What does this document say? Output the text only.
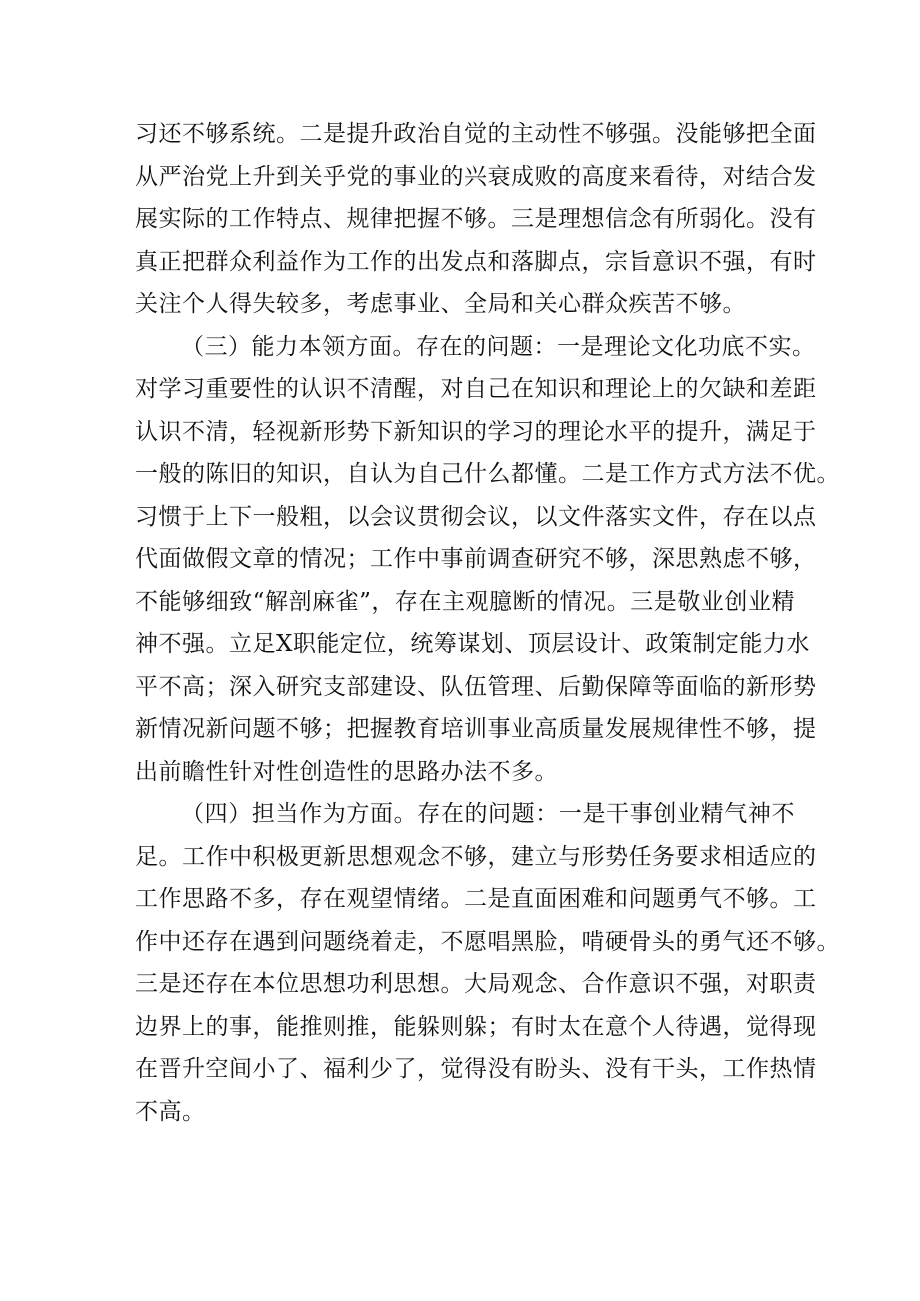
习还不够系统。二是提升政治自觉的主动性不够强。没能够把全面
从严治党上升到关乎党的事业的兴衰成败的高度来看待，对结合发
展实际的工作特点、规律把握不够。三是理想信念有所弱化。没有
真正把群众利益作为工作的出发点和落脚点，宗旨意识不强，有时
关注个人得失较多，考虑事业、全局和关心群众疾苦不够。
（三）能力本领方面。存在的问题：一是理论文化功底不实。
对学习重要性的认识不清醒，对自己在知识和理论上的欠缺和差距
认识不清，轻视新形势下新知识的学习的理论水平的提升，满足于
一般的陈旧的知识，自认为自己什么都懂。二是工作方式方法不优。
习惯于上下一般粗，以会议贯彻会议，以文件落实文件，存在以点
代面做假文章的情况；工作中事前调查研究不够，深思熟虑不够，
不能够细致“解剖麻雀”，存在主观臆断的情况。三是敬业创业精
神不强。立足X职能定位，统筹谋划、顶层设计、政策制定能力水
平不高；深入研究支部建设、队伍管理、后勤保障等面临的新形势
新情况新问题不够；把握教育培训事业高质量发展规律性不够，提
出前瞻性针对性创造性的思路办法不多。
（四）担当作为方面。存在的问题：一是干事创业精气神不
足。工作中积极更新思想观念不够，建立与形势任务要求相适应的
工作思路不多，存在观望情绪。二是直面困难和问题勇气不够。工
作中还存在遇到问题绕着走，不愿唱黑脸，啃硬骨头的勇气还不够。
三是还存在本位思想功利思想。大局观念、合作意识不强，对职责
边界上的事，能推则推，能躲则躲；有时太在意个人待遇，觉得现
在晋升空间小了、福利少了，觉得没有盼头、没有干头，工作热情
不高。
